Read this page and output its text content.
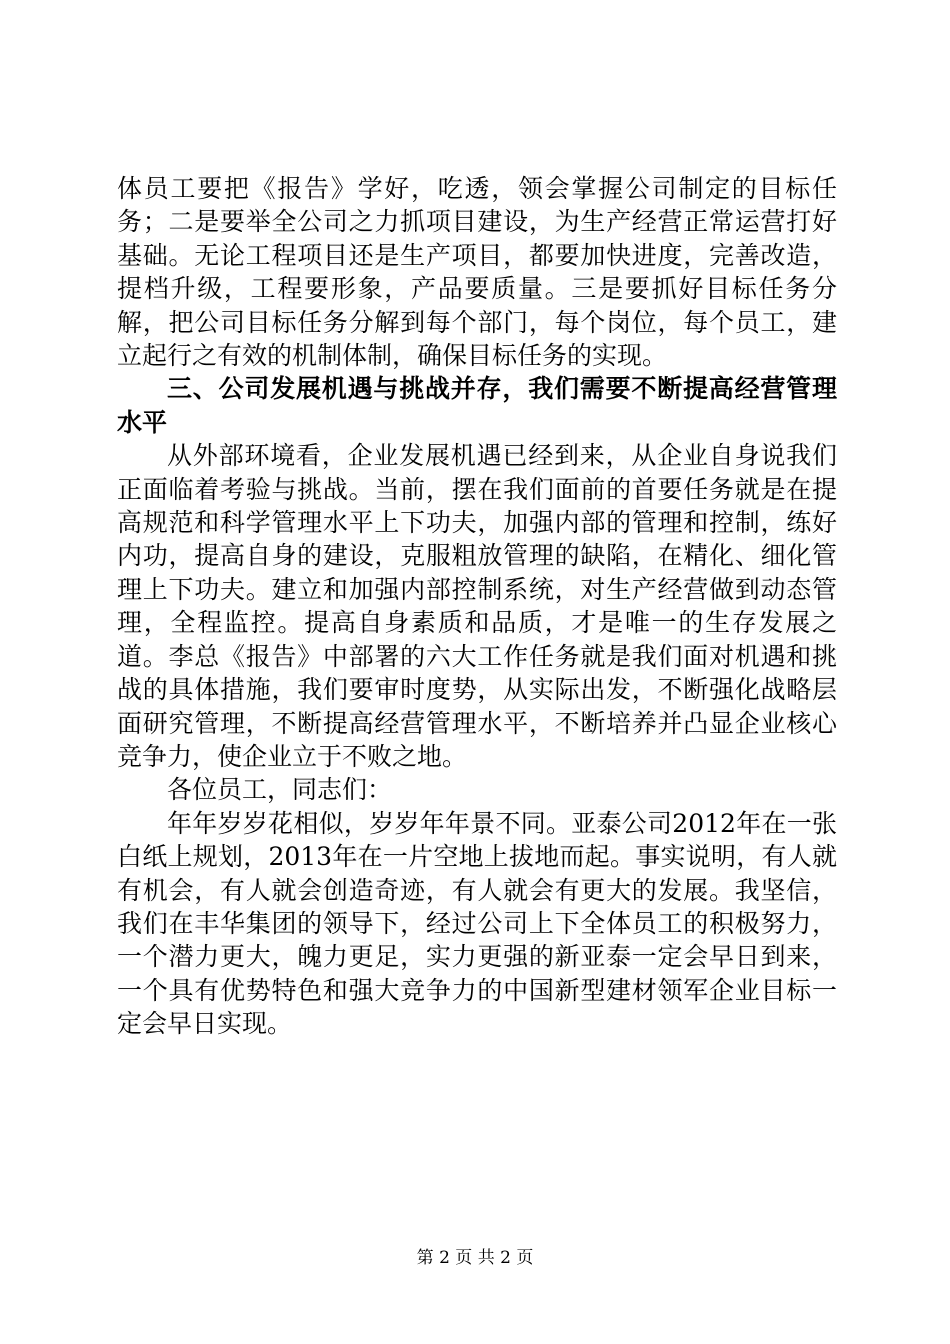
体员工要把《报告》学好，吃透，领会掌握公司制定的目标任务；二是要举全公司之力抓项目建设，为生产经营正常运营打好基础。无论工程项目还是生产项目，都要加快进度，完善改造，提档升级，工程要形象，产品要质量。三是要抓好目标任务分解，把公司目标任务分解到每个部门，每个岗位，每个员工，建立起行之有效的机制体制，确保目标任务的实现。

三、公司发展机遇与挑战并存，我们需要不断提高经营管理水平

从外部环境看，企业发展机遇已经到来，从企业自身说我们正面临着考验与挑战。当前，摆在我们面前的首要任务就是在提高规范和科学管理水平上下功夫，加强内部的管理和控制，练好内功，提高自身的建设，克服粗放管理的缺陷，在精化、细化管理上下功夫。建立和加强内部控制系统，对生产经营做到动态管理，全程监控。提高自身素质和品质，才是唯一的生存发展之道。李总《报告》中部署的六大工作任务就是我们面对机遇和挑战的具体措施，我们要审时度势，从实际出发，不断强化战略层面研究管理，不断提高经营管理水平，不断培养并凸显企业核心竞争力，使企业立于不败之地。

各位员工，同志们：

年年岁岁花相似，岁岁年年景不同。亚泰公司2012年在一张白纸上规划，2013年在一片空地上拔地而起。事实说明，有人就有机会，有人就会创造奇迹，有人就会有更大的发展。我坚信，我们在丰华集团的领导下，经过公司上下全体员工的积极努力，一个潜力更大，魄力更足，实力更强的新亚泰一定会早日到来，一个具有优势特色和强大竞争力的中国新型建材领军企业目标一定会早日实现。

第 2 页 共 2 页
